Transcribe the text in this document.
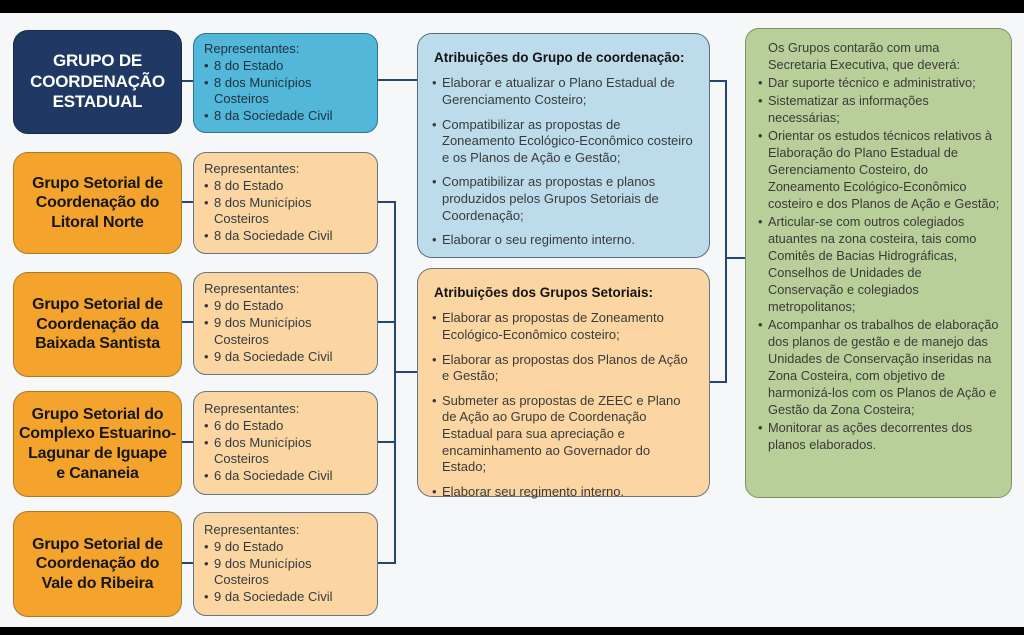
GRUPO DE
COORDENAÇÃO
ESTADUAL
Grupo Setorial de
Coordenação do
Litoral Norte
Grupo Setorial de
Coordenação da
Baixada Santista
Grupo Setorial do
Complexo Estuarino-
Lagunar de Iguape
e Cananeia
Grupo Setorial de
Coordenação do
Vale do Ribeira
Representantes:
• 8 do Estado
• 8 dos Municípios Costeiros
• 8 da Sociedade Civil
Representantes:
• 8 do Estado
• 8 dos Municípios Costeiros
• 8 da Sociedade Civil
Representantes:
• 9 do Estado
• 9 dos Municípios Costeiros
• 9 da Sociedade Civil
Representantes:
• 6 do Estado
• 6 dos Municípios Costeiros
• 6 da Sociedade Civil
Representantes:
• 9 do Estado
• 9 dos Municípios Costeiros
• 9 da Sociedade Civil
Atribuições do Grupo de coordenação:
• Elaborar e atualizar o Plano Estadual de Gerenciamento Costeiro;
• Compatibilizar as propostas de Zoneamento Ecológico-Econômico costeiro e os Planos de Ação e Gestão;
• Compatibilizar as propostas e planos produzidos pelos Grupos Setoriais de Coordenação;
• Elaborar o seu regimento interno.
Atribuições dos Grupos Setoriais:
• Elaborar as propostas de Zoneamento Ecológico-Econômico costeiro;
• Elaborar as propostas dos Planos de Ação e Gestão;
• Submeter as propostas de ZEEC e Plano de Ação ao Grupo de Coordenação Estadual para sua apreciação e encaminhamento ao Governador do Estado;
• Elaborar seu regimento interno.
Os Grupos contarão com uma Secretaria Executiva, que deverá:
• Dar suporte técnico e administrativo;
• Sistematizar as informações necessárias;
• Orientar os estudos técnicos relativos à Elaboração do Plano Estadual de Gerenciamento Costeiro, do Zoneamento Ecológico-Econômico costeiro e dos Planos de Ação e Gestão;
• Articular-se com outros colegiados atuantes na zona costeira, tais como Comitês de Bacias Hidrográficas, Conselhos de Unidades de Conservação e colegiados metropolitanos;
• Acompanhar os trabalhos de elaboração dos planos de gestão e de manejo das Unidades de Conservação inseridas na Zona Costeira, com objetivo de harmonizá-los com os Planos de Ação e Gestão da Zona Costeira;
• Monitorar as ações decorrentes dos planos elaborados.
